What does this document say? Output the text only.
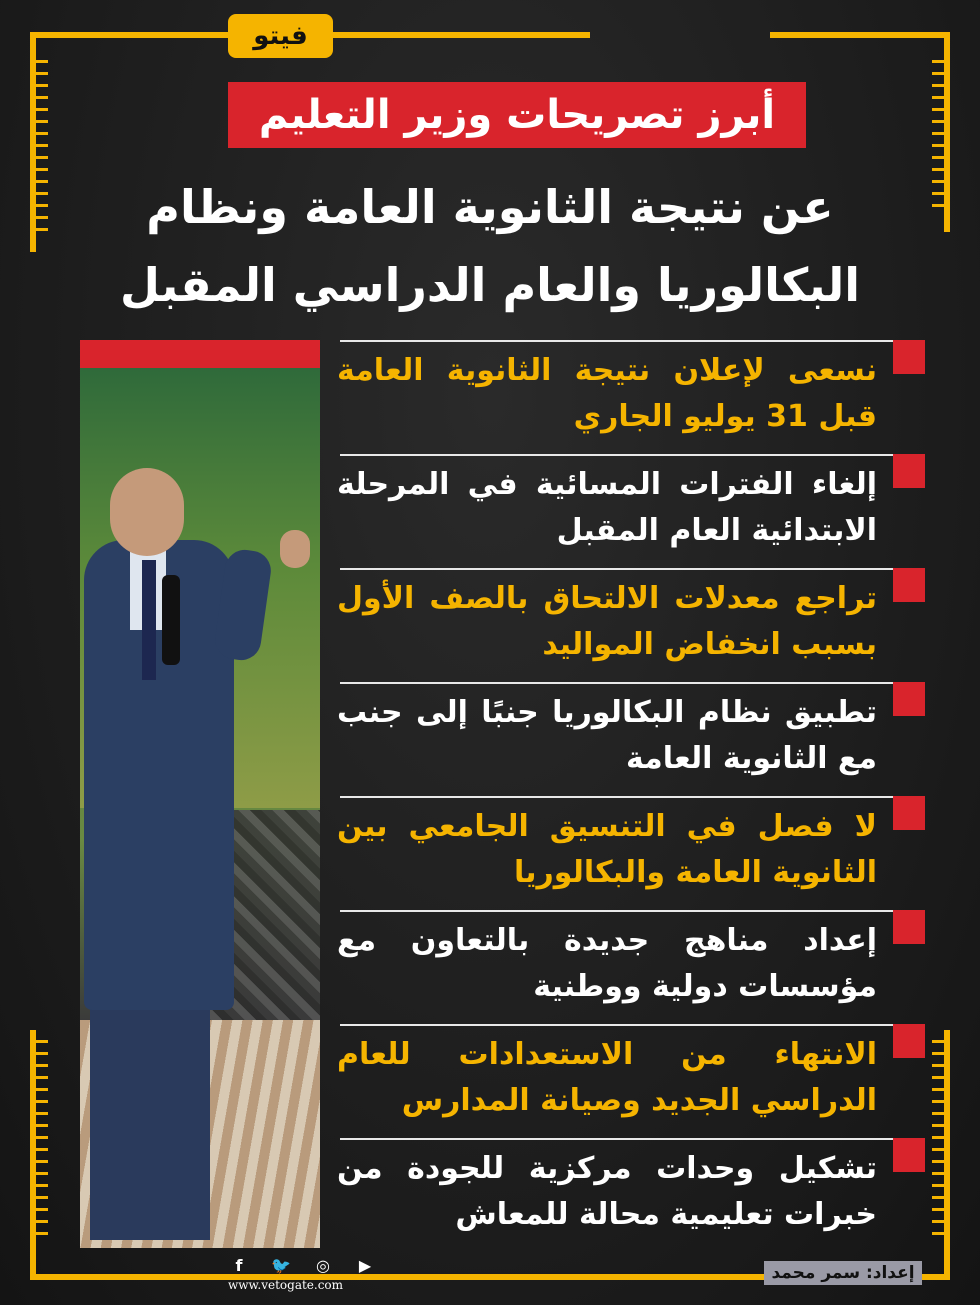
فيتو
أبرز تصريحات وزير التعليم
عن نتيجة الثانوية العامة ونظام البكالوريا والعام الدراسي المقبل
نسعى لإعلان نتيجة الثانوية العامة قبل 31 يوليو الجاري
إلغاء الفترات المسائية في المرحلة الابتدائية العام المقبل
تراجع معدلات الالتحاق بالصف الأول بسبب انخفاض المواليد
تطبيق نظام البكالوريا جنبًا إلى جنب مع الثانوية العامة
لا فصل في التنسيق الجامعي بين الثانوية العامة والبكالوريا
إعداد مناهج جديدة بالتعاون مع مؤسسات دولية ووطنية
الانتهاء من الاستعدادات للعام الدراسي الجديد وصيانة المدارس
تشكيل وحدات مركزية للجودة من خبرات تعليمية محالة للمعاش
f	🐦 ◎	▶
www.vetogate.com
إعداد: سمر محمد
